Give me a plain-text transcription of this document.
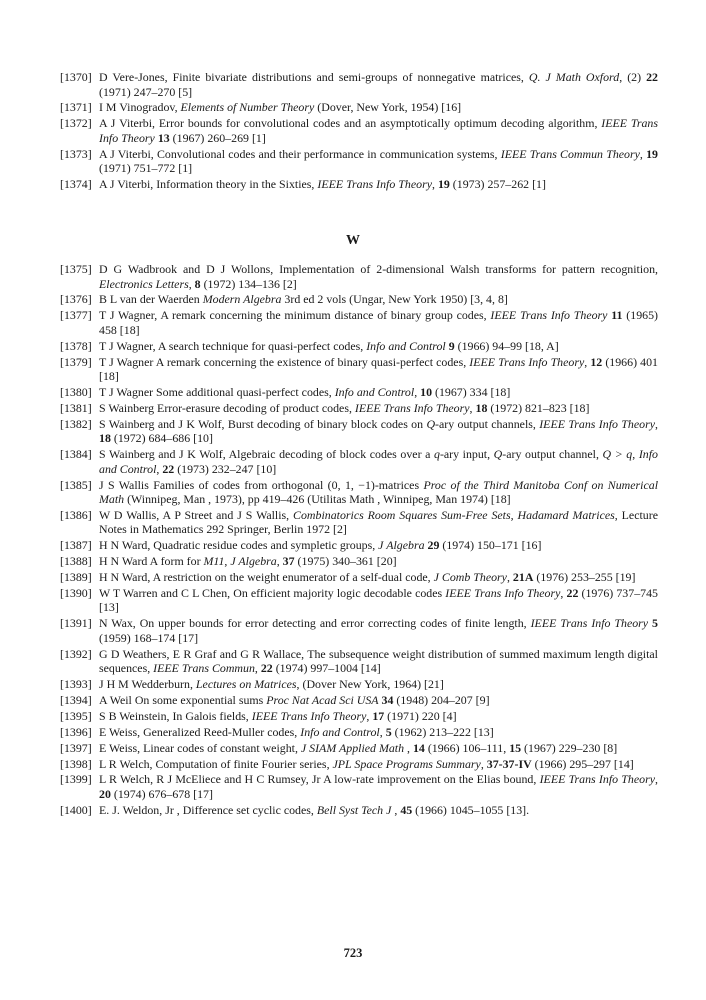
[1370] D Vere-Jones, Finite bivariate distributions and semi-groups of nonnegative matrices, Q. J Math Oxford, (2) 22 (1971) 247–270 [5]
[1371] I M Vinogradov, Elements of Number Theory (Dover, New York, 1954) [16]
[1372] A J Viterbi, Error bounds for convolutional codes and an asymptotically optimum decoding algorithm, IEEE Trans Info Theory 13 (1967) 260–269 [1]
[1373] A J Viterbi, Convolutional codes and their performance in communication systems, IEEE Trans Commun Theory, 19 (1971) 751–772 [1]
[1374] A J Viterbi, Information theory in the Sixties, IEEE Trans Info Theory, 19 (1973) 257–262 [1]
W
[1375] D G Wadbrook and D J Wollons, Implementation of 2-dimensional Walsh transforms for pattern recognition, Electronics Letters, 8 (1972) 134–136 [2]
[1376] B L van der Waerden Modern Algebra 3rd ed 2 vols (Ungar, New York 1950) [3, 4, 8]
[1377] T J Wagner, A remark concerning the minimum distance of binary group codes, IEEE Trans Info Theory 11 (1965) 458 [18]
[1378] T J Wagner, A search technique for quasi-perfect codes, Info and Control 9 (1966) 94–99 [18, A]
[1379] T J Wagner A remark concerning the existence of binary quasi-perfect codes, IEEE Trans Info Theory, 12 (1966) 401 [18]
[1380] T J Wagner Some additional quasi-perfect codes, Info and Control, 10 (1967) 334 [18]
[1381] S Wainberg Error-erasure decoding of product codes, IEEE Trans Info Theory, 18 (1972) 821–823 [18]
[1382] S Wainberg and J K Wolf, Burst decoding of binary block codes on Q-ary output channels, IEEE Trans Info Theory, 18 (1972) 684–686 [10]
[1384] S Wainberg and J K Wolf, Algebraic decoding of block codes over a q-ary input, Q-ary output channel, Q > q, Info and Control, 22 (1973) 232–247 [10]
[1385] J S Wallis Families of codes from orthogonal (0, 1, −1)-matrices Proc of the Third Manitoba Conf on Numerical Math (Winnipeg, Man , 1973), pp 419–426 (Utilitas Math , Winnipeg, Man 1974) [18]
[1386] W D Wallis, A P Street and J S Wallis, Combinatorics Room Squares Sum-Free Sets, Hadamard Matrices, Lecture Notes in Mathematics 292 Springer, Berlin 1972 [2]
[1387] H N Ward, Quadratic residue codes and sympletic groups, J Algebra 29 (1974) 150–171 [16]
[1388] H N Ward A form for M11, J Algebra, 37 (1975) 340–361 [20]
[1389] H N Ward, A restriction on the weight enumerator of a self-dual code, J Comb Theory, 21A (1976) 253–255 [19]
[1390] W T Warren and C L Chen, On efficient majority logic decodable codes IEEE Trans Info Theory, 22 (1976) 737–745 [13]
[1391] N Wax, On upper bounds for error detecting and error correcting codes of finite length, IEEE Trans Info Theory 5 (1959) 168–174 [17]
[1392] G D Weathers, E R Graf and G R Wallace, The subsequence weight distribution of summed maximum length digital sequences, IEEE Trans Commun, 22 (1974) 997–1004 [14]
[1393] J H M Wedderburn, Lectures on Matrices, (Dover New York, 1964) [21]
[1394] A Weil On some exponential sums Proc Nat Acad Sci USA 34 (1948) 204–207 [9]
[1395] S B Weinstein, In Galois fields, IEEE Trans Info Theory, 17 (1971) 220 [4]
[1396] E Weiss, Generalized Reed-Muller codes, Info and Control, 5 (1962) 213–222 [13]
[1397] E Weiss, Linear codes of constant weight, J SIAM Applied Math , 14 (1966) 106–111, 15 (1967) 229–230 [8]
[1398] L R Welch, Computation of finite Fourier series, JPL Space Programs Summary, 37-37-IV (1966) 295–297 [14]
[1399] L R Welch, R J McEliece and H C Rumsey, Jr A low-rate improvement on the Elias bound, IEEE Trans Info Theory, 20 (1974) 676–678 [17]
[1400] E. J. Weldon, Jr , Difference set cyclic codes, Bell Syst Tech J , 45 (1966) 1045–1055 [13].
723
